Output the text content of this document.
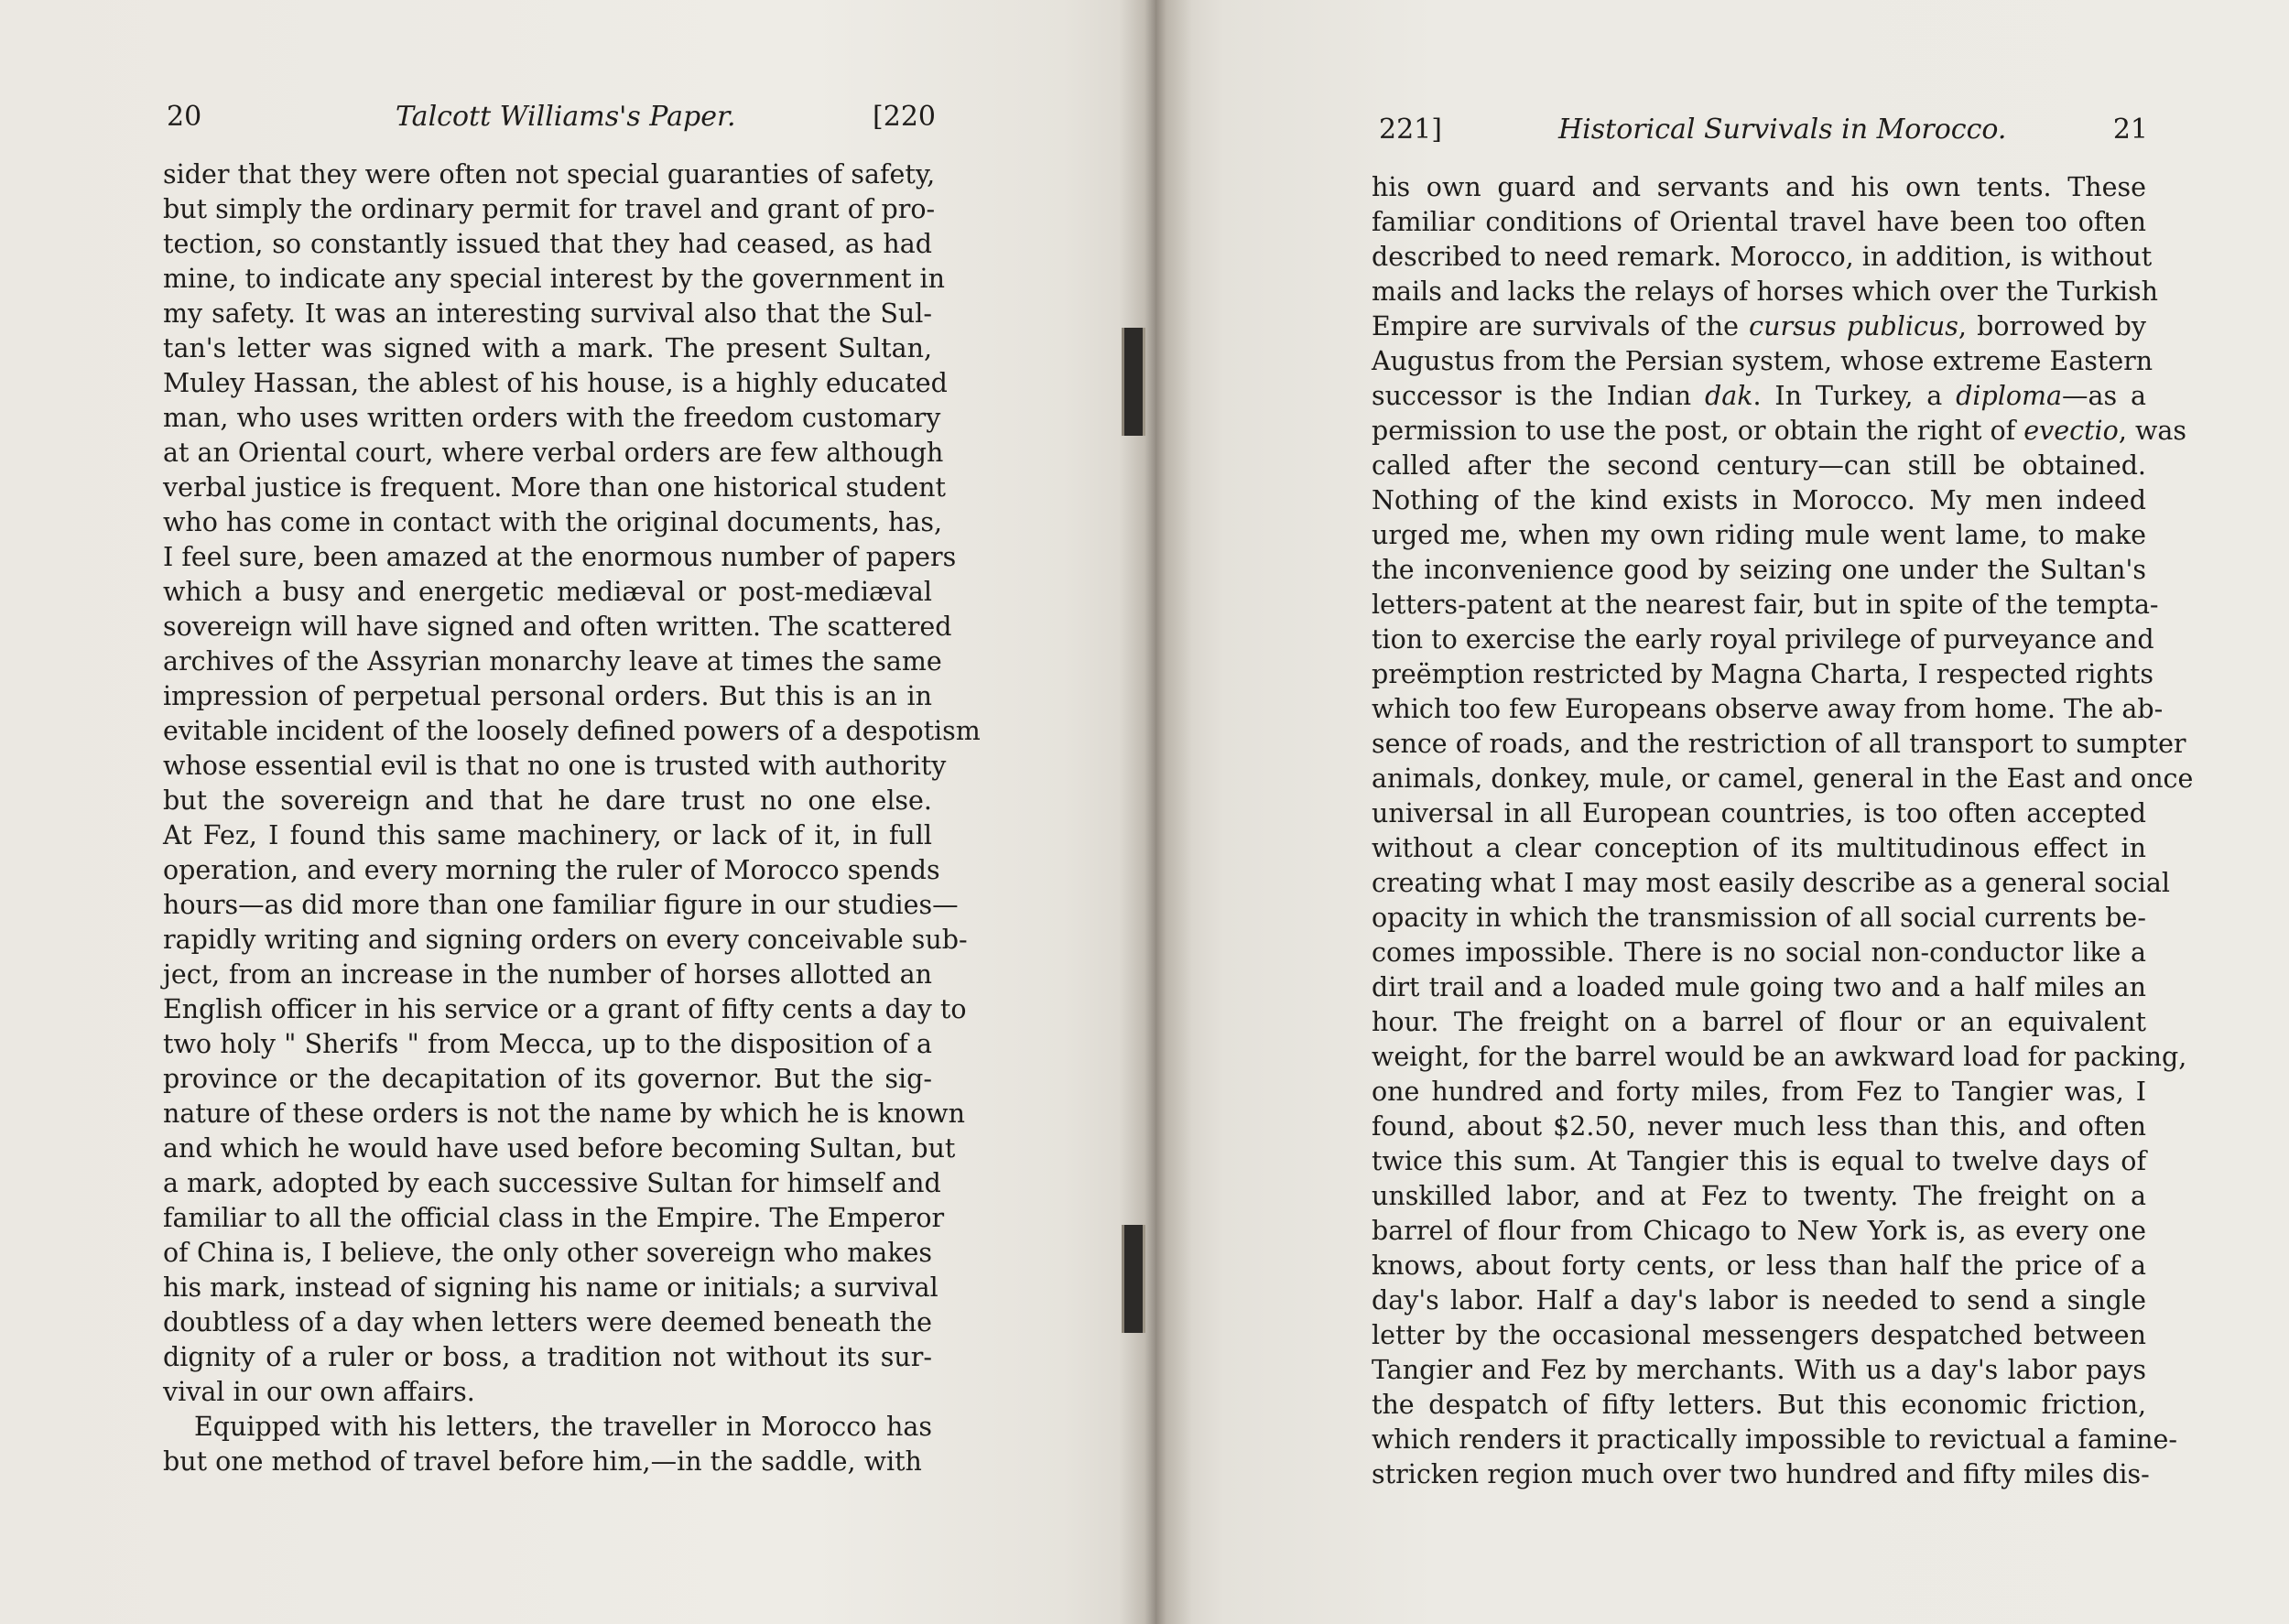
20	Talcott Williams's Paper.	[220
sider that they were often not special guaranties of safety,
but simply the ordinary permit for travel and grant of pro-
tection, so constantly issued that they had ceased, as had
mine, to indicate any special interest by the government in
my safety. It was an interesting survival also that the Sul-
tan's letter was signed with a mark. The present Sultan,
Muley Hassan, the ablest of his house, is a highly educated
man, who uses written orders with the freedom customary
at an Oriental court, where verbal orders are few although
verbal justice is frequent. More than one historical student
who has come in contact with the original documents, has,
I feel sure, been amazed at the enormous number of papers
which a busy and energetic mediæval or post-mediæval
sovereign will have signed and often written. The scattered
archives of the Assyrian monarchy leave at times the same
impression of perpetual personal orders. But this is an in
evitable incident of the loosely defined powers of a despotism
whose essential evil is that no one is trusted with authority
but the sovereign and that he dare trust no one else.
At Fez, I found this same machinery, or lack of it, in full
operation, and every morning the ruler of Morocco spends
hours—as did more than one familiar figure in our studies—
rapidly writing and signing orders on every conceivable sub-
ject, from an increase in the number of horses allotted an
English officer in his service or a grant of fifty cents a day to
two holy " Sherifs " from Mecca, up to the disposition of a
province or the decapitation of its governor. But the sig-
nature of these orders is not the name by which he is known
and which he would have used before becoming Sultan, but
a mark, adopted by each successive Sultan for himself and
familiar to all the official class in the Empire. The Emperor
of China is, I believe, the only other sovereign who makes
his mark, instead of signing his name or initials; a survival
doubtless of a day when letters were deemed beneath the
dignity of a ruler or boss, a tradition not without its sur-
vival in our own affairs.
Equipped with his letters, the traveller in Morocco has
but one method of travel before him,—in the saddle, with
221]	Historical Survivals in Morocco.	21
his own guard and servants and his own tents. These
familiar conditions of Oriental travel have been too often
described to need remark. Morocco, in addition, is without
mails and lacks the relays of horses which over the Turkish
Empire are survivals of the cursus publicus, borrowed by
Augustus from the Persian system, whose extreme Eastern
successor is the Indian dak. In Turkey, a diploma—as a
permission to use the post, or obtain the right of evectio, was
called after the second century—can still be obtained.
Nothing of the kind exists in Morocco. My men indeed
urged me, when my own riding mule went lame, to make
the inconvenience good by seizing one under the Sultan's
letters-patent at the nearest fair, but in spite of the tempta-
tion to exercise the early royal privilege of purveyance and
preëmption restricted by Magna Charta, I respected rights
which too few Europeans observe away from home. The ab-
sence of roads, and the restriction of all transport to sumpter
animals, donkey, mule, or camel, general in the East and once
universal in all European countries, is too often accepted
without a clear conception of its multitudinous effect in
creating what I may most easily describe as a general social
opacity in which the transmission of all social currents be-
comes impossible. There is no social non-conductor like a
dirt trail and a loaded mule going two and a half miles an
hour. The freight on a barrel of flour or an equivalent
weight, for the barrel would be an awkward load for packing,
one hundred and forty miles, from Fez to Tangier was, I
found, about $2.50, never much less than this, and often
twice this sum. At Tangier this is equal to twelve days of
unskilled labor, and at Fez to twenty. The freight on a
barrel of flour from Chicago to New York is, as every one
knows, about forty cents, or less than half the price of a
day's labor. Half a day's labor is needed to send a single
letter by the occasional messengers despatched between
Tangier and Fez by merchants. With us a day's labor pays
the despatch of fifty letters. But this economic friction,
which renders it practically impossible to revictual a famine-
stricken region much over two hundred and fifty miles dis-
